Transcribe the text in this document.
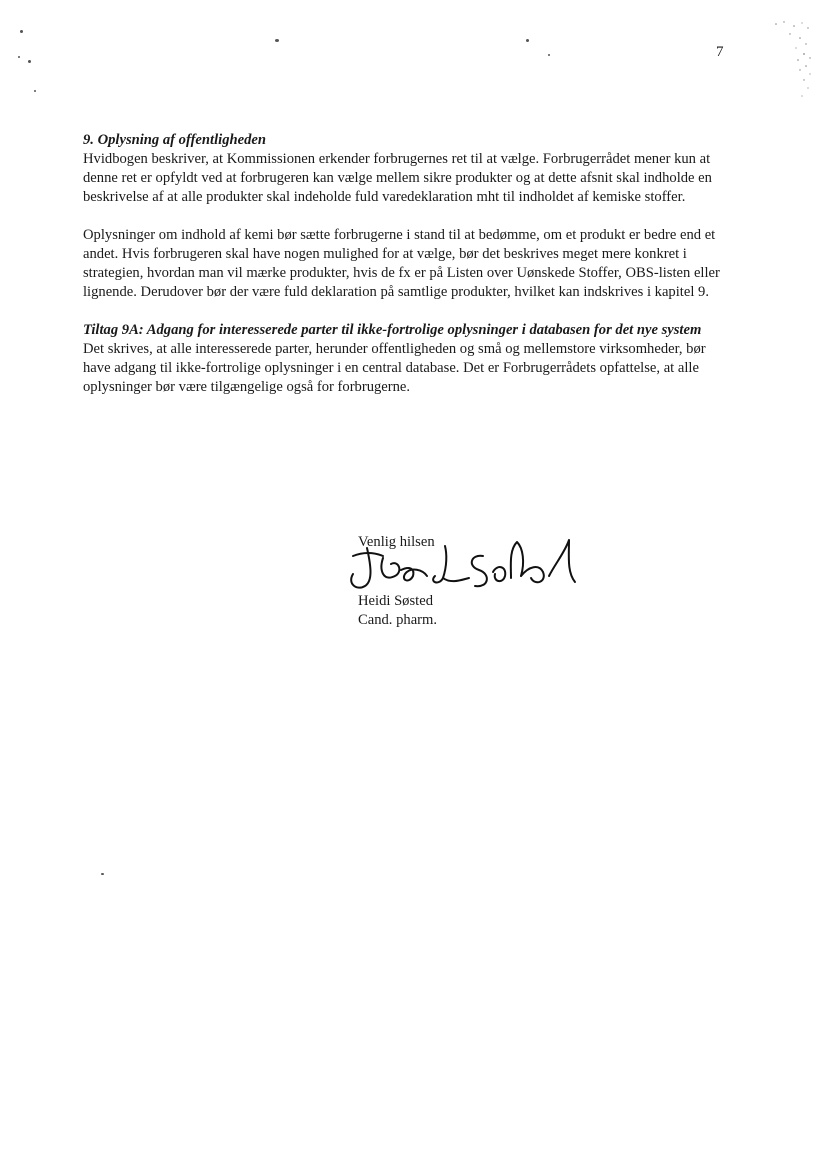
7

9. Oplysning af offentligheden

Hvidbogen beskriver, at Kommissionen erkender forbrugernes ret til at vælge. Forbrugerrådet mener kun at denne ret er opfyldt ved at forbrugeren kan vælge mellem sikre produkter og at dette afsnit skal indholde en beskrivelse af at alle produkter skal indeholde fuld varedeklaration mht til indholdet af kemiske stoffer.

Oplysninger om indhold af kemi bør sætte forbrugerne i stand til at bedømme, om et produkt er bedre end et andet. Hvis forbrugeren skal have nogen mulighed for at vælge, bør det beskrives meget mere konkret i strategien, hvordan man vil mærke produkter, hvis de fx er på Listen over Uønskede Stoffer, OBS-listen eller lignende. Derudover bør der være fuld deklaration på samtlige produkter, hvilket kan indskrives i kapitel 9.

Tiltag 9A: Adgang for interesserede parter til ikke-fortrolige oplysninger i databasen for det nye system

Det skrives, at alle interesserede parter, herunder offentligheden og små og mellemstore virksomheder, bør have adgang til ikke-fortrolige oplysninger i en central database. Det er Forbrugerrådets opfattelse, at alle oplysninger bør være tilgængelige også for forbrugerne.

Venlig hilsen
Heidi Søsted
Cand. pharm.
